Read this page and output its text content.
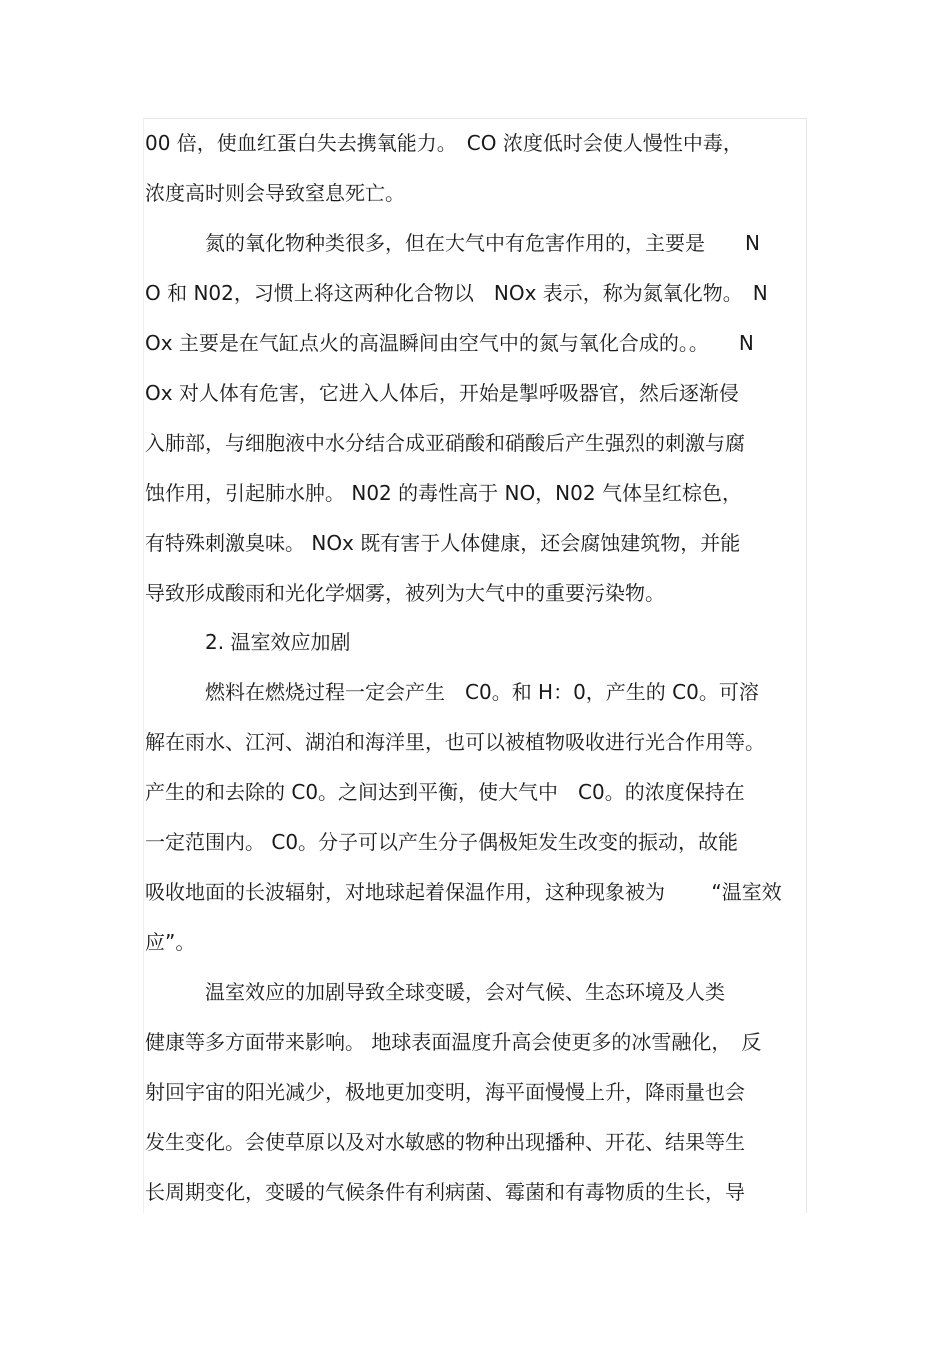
00 倍，使血红蛋白失去携氧能力。　CO 浓度低时会使人慢性中毒，
浓度高时则会导致窒息死亡。
　　　氮的氧化物种类很多，但在大气中有危害作用的，主要是　　N
O 和 N02，习惯上将这两种化合物以　NOx 表示，称为氮氧化物。　N
Ox 主要是在气缸点火的高温瞬间由空气中的氮与氧化合成的。。　　N
Ox 对人体有危害，它进入人体后，开始是掣呼吸器官，然后逐渐侵
入肺部，与细胞液中水分结合成亚硝酸和硝酸后产生强烈的刺激与腐
蚀作用，引起肺水肿。 N02 的毒性高于 NO，N02 气体呈红棕色，
有特殊刺激臭味。 NOx 既有害于人体健康，还会腐蚀建筑物，并能
导致形成酸雨和光化学烟雾，被列为大气中的重要污染物。
　　　2. 温室效应加剧
　　　燃料在燃烧过程一定会产生　C0。和 H：0，产生的 C0。可溶
解在雨水、江河、湖泊和海洋里，也可以被植物吸收进行光合作用等。
产生的和去除的 C0。之间达到平衡，使大气中　C0。的浓度保持在
一定范围内。 C0。分子可以产生分子偶极矩发生改变的振动，故能
吸收地面的长波辐射，对地球起着保温作用，这种现象被为　　 “温室效
应”。
　　　温室效应的加剧导致全球变暖，会对气候、生态环境及人类
健康等多方面带来影响。 地球表面温度升高会使更多的冰雪融化，　反
射回宇宙的阳光减少，极地更加变明，海平面慢慢上升，降雨量也会
发生变化。会使草原以及对水敏感的物种出现播种、开花、结果等生
长周期变化，变暖的气候条件有利病菌、霉菌和有毒物质的生长，导
